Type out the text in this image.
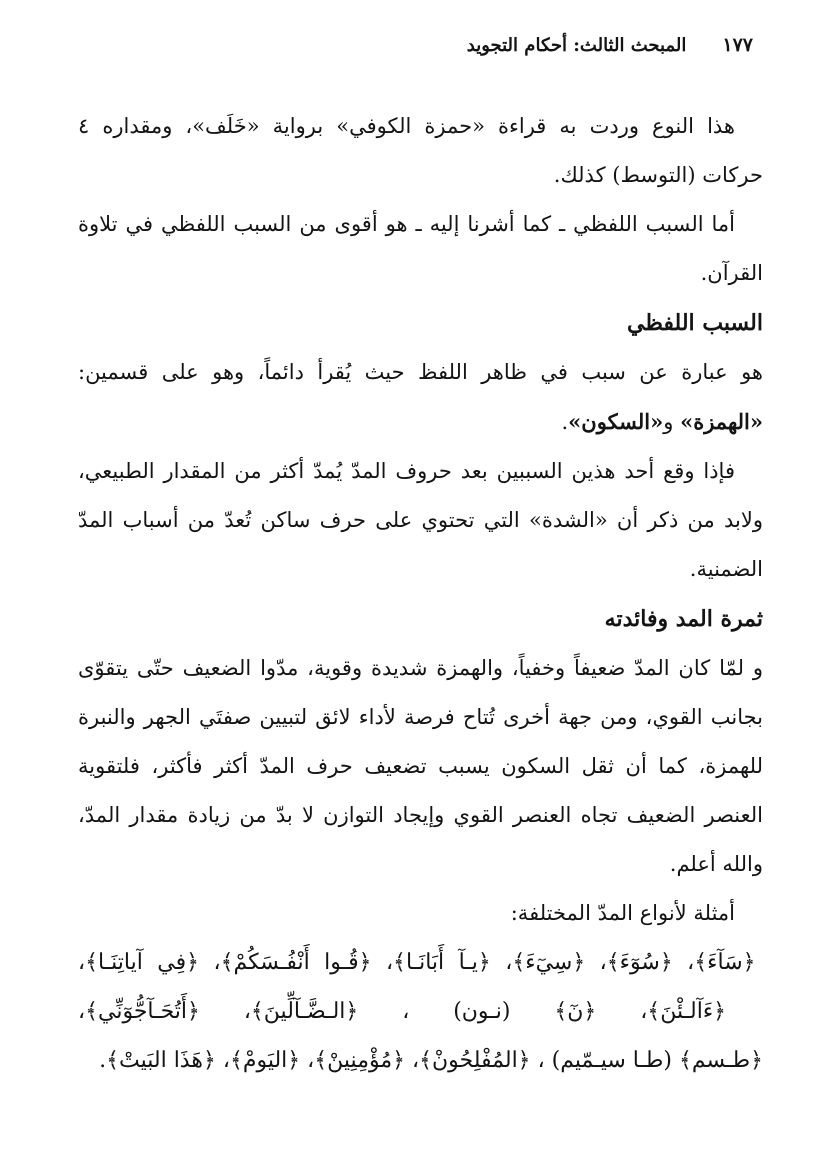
١٧٧
المبحث الثالث: أحكام التجويد

هذا النوع وردت به قراءة «حمزة الكوفي» برواية «خَلَف»، ومقداره ٤ حركات (التوسط) كذلك.

أما السبب اللفظي ـ كما أشرنا إليه ـ هو أقوى من السبب اللفظي في تلاوة القرآن.

السبب اللفظي

هو عبارة عن سبب في ظاهر اللفظ حيث يُقرأ دائماً، وهو على قسمين: «الهمزة» و«السكون».

فإذا وقع أحد هذين السببين بعد حروف المدّ يُمدّ أكثر من المقدار الطبيعي، ولابد من ذكر أن «الشدة» التي تحتوي على حرف ساكن تُعدّ من أسباب المدّ الضمنية.

ثمرة المد وفائدته

و لمّا كان المدّ ضعيفاً وخفياً، والهمزة شديدة وقوية، مدّوا الضعيف حتّى يتقوّى بجانب القوي، ومن جهة أخرى تُتاح فرصة لأداء لائق لتبيين صفتَي الجهر والنبرة للهمزة، كما أن ثقل السكون يسبب تضعيف حرف المدّ أكثر فأكثر، فلتقوية العنصر الضعيف تجاه العنصر القوي وإيجاد التوازن لا بدّ من زيادة مقدار المدّ، والله أعلم.

أمثلة لأنواع المدّ المختلفة:

﴿سَآءَ﴾، ﴿سُوٓءَ﴾، ﴿سِيٓءَ﴾، ﴿يـآ أَبَانَـا﴾، ﴿قُـوا أَنْفُـسَكُمْ﴾، ﴿فِي آياتِنَـا﴾، ﴿ءَآلـئْنَ﴾، ﴿نٓ﴾ (نـون) ، ﴿الـضَّـآلِّينَ﴾، ﴿أَتُحَـآجُّوٓنِّي﴾، ﴿طـسم﴾ (طـا سيـمّيم) ، ﴿المُفْلِحُونْ﴾، ﴿مُؤْمِنِينْ﴾، ﴿اليَومْ﴾، ﴿هَذَا البَيتْ﴾.
